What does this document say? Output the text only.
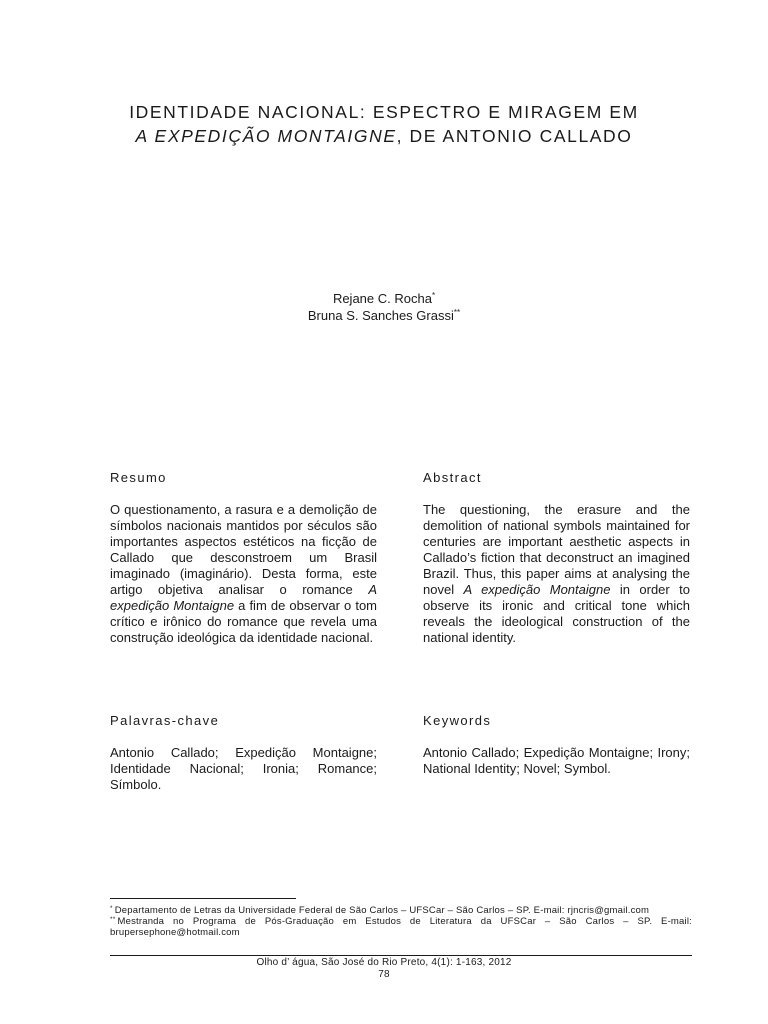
IDENTIDADE NACIONAL: ESPECTRO E MIRAGEM EM
A EXPEDIÇÃO MONTAIGNE, DE ANTONIO CALLADO
Rejane C. Rocha*
Bruna S. Sanches Grassi**
Resumo
O questionamento, a rasura e a demolição de símbolos nacionais mantidos por séculos são importantes aspectos estéticos na ficção de Callado que desconstroem um Brasil imaginado (imaginário). Desta forma, este artigo objetiva analisar o romance A expedição Montaigne a fim de observar o tom crítico e irônico do romance que revela uma construção ideológica da identidade nacional.
Abstract
The questioning, the erasure and the demolition of national symbols maintained for centuries are important aesthetic aspects in Callado’s fiction that deconstruct an imagined Brazil. Thus, this paper aims at analysing the novel A expedição Montaigne in order to observe its ironic and critical tone which reveals the ideological construction of the national identity.
Palavras-chave
Antonio Callado; Expedição Montaigne; Identidade Nacional; Ironia; Romance; Símbolo.
Keywords
Antonio Callado; Expedição Montaigne; Irony; National Identity; Novel; Symbol.
* Departamento de Letras da Universidade Federal de São Carlos – UFSCar – São Carlos – SP. E-mail: rjncris@gmail.com
** Mestranda no Programa de Pós-Graduação em Estudos de Literatura da UFSCar – São Carlos – SP. E-mail: brupersephone@hotmail.com
Olho d’ água, São José do Rio Preto, 4(1): 1-163, 2012
78
